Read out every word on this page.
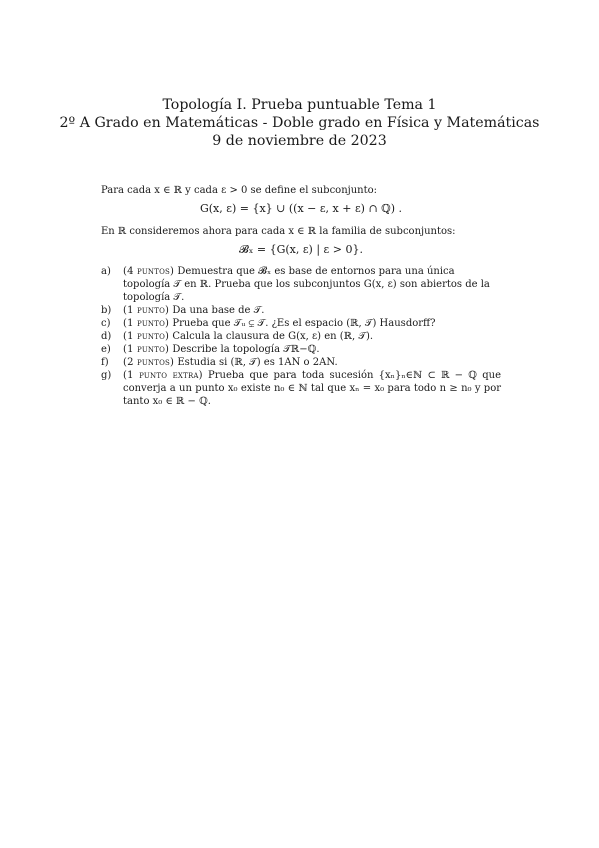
Topología I. Prueba puntuable Tema 1
2º A Grado en Matemáticas - Doble grado en Física y Matemáticas
9 de noviembre de 2023

Para cada x ∈ ℝ y cada ε > 0 se define el subconjunto:

G(x, ε) = {x} ∪ ((x − ε, x + ε) ∩ ℚ) .

En ℝ consideremos ahora para cada x ∈ ℝ la familia de subconjuntos:

𝓑ₓ = {G(x, ε) | ε > 0}.
a)	(4 puntos) Demuestra que 𝓑ₓ es base de entornos para una única topología 𝒯 en ℝ. Prueba que los subconjuntos G(x, ε) son abiertos de la topología 𝒯.
b)	(1 punto) Da una base de 𝒯.
c)	(1 punto) Prueba que 𝒯ᵤ ⊊ 𝒯. ¿Es el espacio (ℝ, 𝒯) Hausdorff?
d)	(1 punto) Calcula la clausura de G(x, ε) en (ℝ, 𝒯).
e)	(1 punto) Describe la topología 𝒯ℝ−ℚ.
f)	(2 puntos) Estudia si (ℝ, 𝒯) es 1AN o 2AN.
g)	(1 punto extra) Prueba que para toda sucesión {xₙ}ₙ∈ℕ ⊂ ℝ − ℚ que converja a un punto x₀ existe n₀ ∈ ℕ tal que xₙ = x₀ para todo n ≥ n₀ y por tanto x₀ ∈ ℝ − ℚ.
